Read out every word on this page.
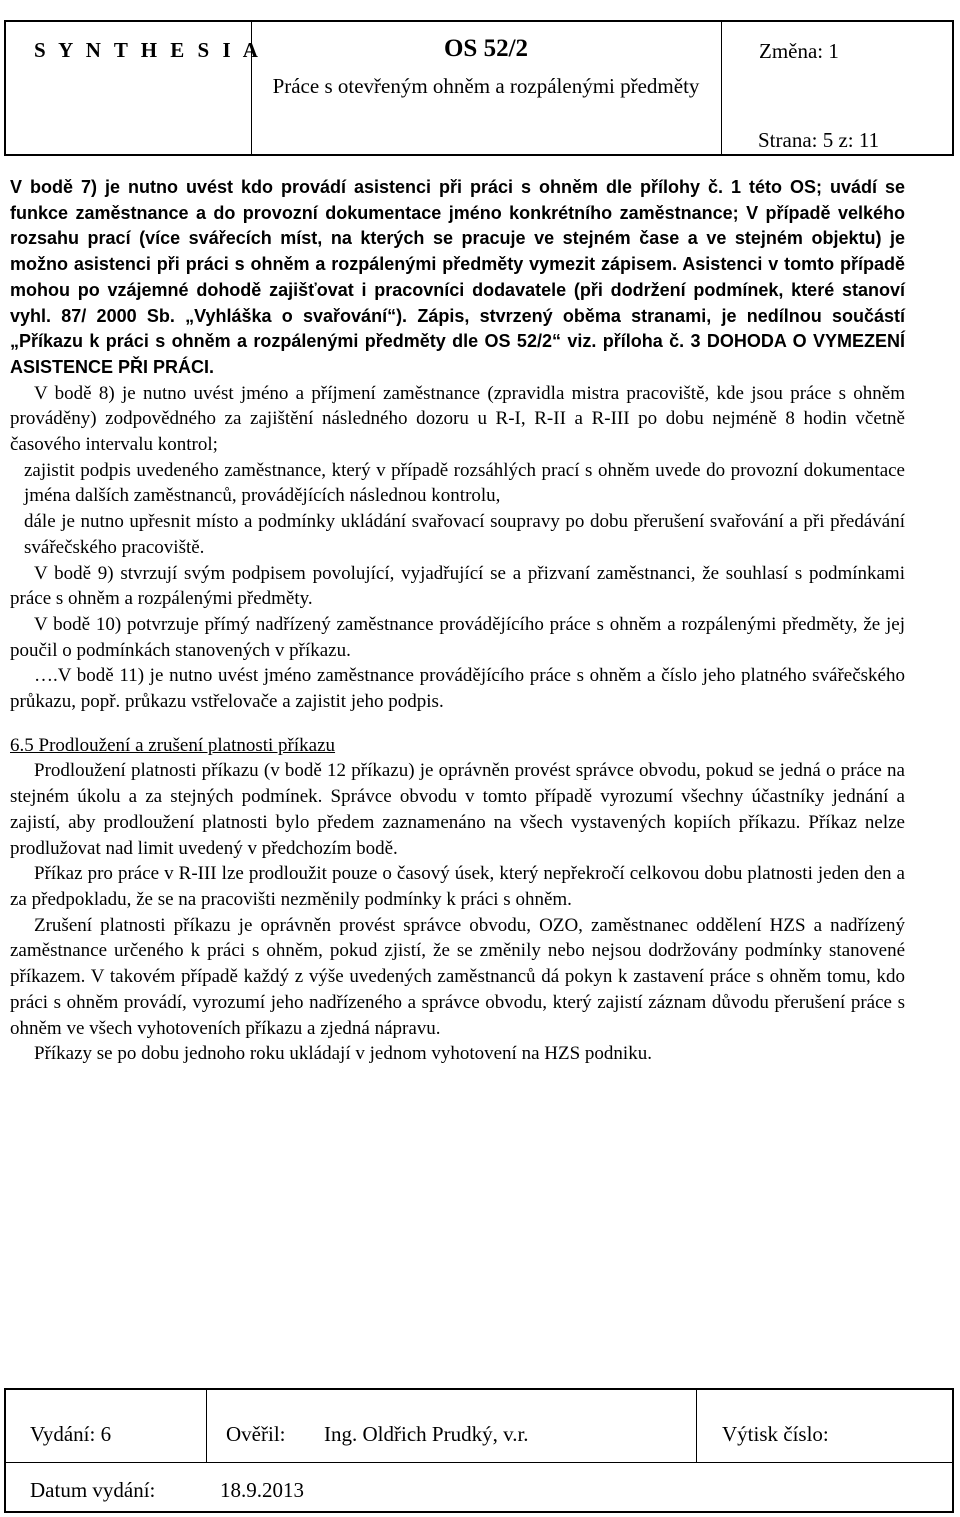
S Y N T H E S I A	OS 52/2
Práce s otevřeným ohněm a rozpálenými předměty
Změna: 1
Strana: 5 z: 11

V bodě 7) je nutno uvést kdo provádí asistenci při práci s ohněm dle přílohy č. 1 této OS; uvádí se funkce zaměstnance a do provozní dokumentace jméno konkrétního zaměstnance; V případě velkého rozsahu prací (více svářecích míst, na kterých se pracuje ve stejném čase a ve stejném objektu) je možno asistenci při práci s ohněm a rozpálenými předměty vymezit zápisem. Asistenci v tomto případě mohou po vzájemné dohodě zajišťovat i pracovníci dodavatele (při dodržení podmínek, které stanoví vyhl. 87/ 2000 Sb. „Vyhláška o svařování“). Zápis, stvrzený oběma stranami, je nedílnou součástí „Příkazu k práci s ohněm a rozpálenými předměty dle OS 52/2“ viz. příloha č. 3 DOHODA O VYMEZENÍ ASISTENCE PŘI PRÁCI.

V bodě 8) je nutno uvést jméno a příjmení zaměstnance (zpravidla mistra pracoviště, kde jsou práce s ohněm prováděny) zodpovědného za zajištění následného dozoru u R-I, R-II a R-III po dobu nejméně 8 hodin včetně časového intervalu kontrol;

zajistit podpis uvedeného zaměstnance, který v případě rozsáhlých prací s ohněm uvede do provozní dokumentace jména dalších zaměstnanců, provádějících následnou kontrolu,

dále je nutno upřesnit místo a podmínky ukládání svařovací soupravy po dobu přerušení svařování a při předávání svářečského pracoviště.

V bodě 9) stvrzují svým podpisem povolující, vyjadřující se a přizvaní zaměstnanci, že souhlasí s podmínkami práce s ohněm a rozpálenými předměty.

V bodě 10) potvrzuje přímý nadřízený zaměstnance provádějícího práce s ohněm a rozpálenými předměty, že jej poučil o podmínkách stanovených v příkazu.

….V bodě 11) je nutno uvést jméno zaměstnance provádějícího práce s ohněm a číslo jeho platného svářečského průkazu, popř. průkazu vstřelovače a zajistit jeho podpis.

6.5 Prodloužení a zrušení platnosti příkazu

Prodloužení platnosti příkazu (v bodě 12 příkazu) je oprávněn provést správce obvodu, pokud se jedná o práce na stejném úkolu a za stejných podmínek. Správce obvodu v tomto případě vyrozumí všechny účastníky jednání a zajistí, aby prodloužení platnosti bylo předem zaznamenáno na všech vystavených kopiích příkazu. Příkaz nelze prodlužovat nad limit uvedený v předchozím bodě.

Příkaz pro práce v R-III lze prodloužit pouze o časový úsek, který nepřekročí celkovou dobu platnosti jeden den a za předpokladu, že se na pracovišti nezměnily podmínky k práci s ohněm.

Zrušení platnosti příkazu je oprávněn provést správce obvodu, OZO, zaměstnanec oddělení HZS a nadřízený zaměstnance určeného k práci s ohněm, pokud zjistí, že se změnily nebo nejsou dodržovány podmínky stanovené příkazem. V takovém případě každý z výše uvedených zaměstnanců dá pokyn k zastavení práce s ohněm tomu, kdo práci s ohněm provádí, vyrozumí jeho nadřízeného a správce obvodu, který zajistí záznam důvodu přerušení práce s ohněm ve všech vyhotoveních příkazu a zjedná nápravu.

Příkazy se po dobu jednoho roku ukládají v jednom vyhotovení na HZS podniku.

Vydání: 6	Ověřil: Ing. Oldřich Prudký, v.r.	Výtisk číslo:
Datum vydání:	18.9.2013
